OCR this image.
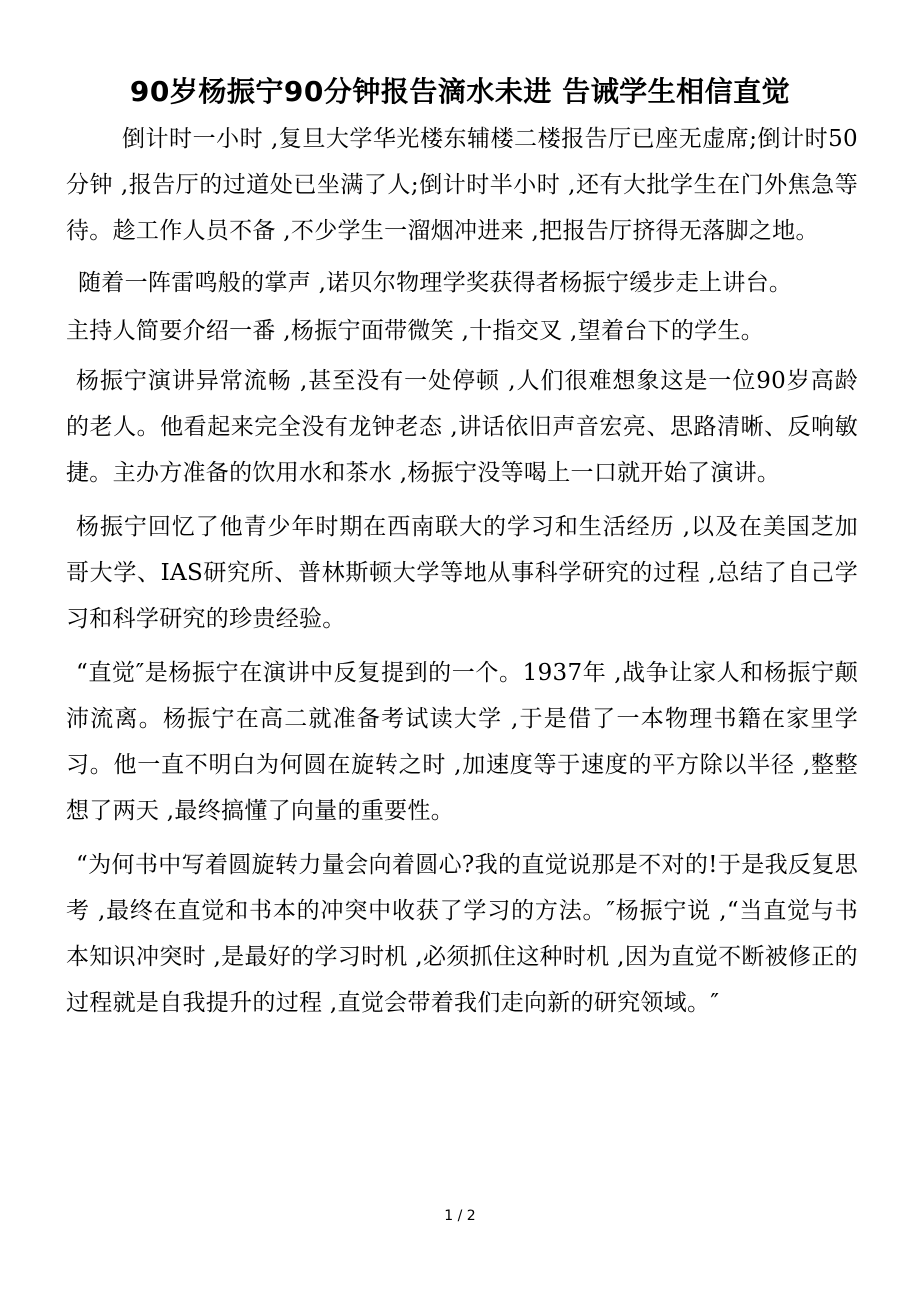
90岁杨振宁90分钟报告滴水未进 告诫学生相信直觉

倒计时一小时 ,复旦大学华光楼东辅楼二楼报告厅已座无虚席;倒计时50分钟 ,报告厅的过道处已坐满了人;倒计时半小时 ,还有大批学生在门外焦急等待。趁工作人员不备 ,不少学生一溜烟冲进来 ,把报告厅挤得无落脚之地。

随着一阵雷鸣般的掌声 ,诺贝尔物理学奖获得者杨振宁缓步走上讲台。

主持人简要介绍一番 ,杨振宁面带微笑 ,十指交叉 ,望着台下的学生。

杨振宁演讲异常流畅 ,甚至没有一处停顿 ,人们很难想象这是一位90岁高龄的老人。他看起来完全没有龙钟老态 ,讲话依旧声音宏亮、思路清晰、反响敏捷。主办方准备的饮用水和茶水 ,杨振宁没等喝上一口就开始了演讲。

杨振宁回忆了他青少年时期在西南联大的学习和生活经历 ,以及在美国芝加哥大学、IAS研究所、普林斯顿大学等地从事科学研究的过程 ,总结了自己学习和科学研究的珍贵经验。

“直觉″是杨振宁在演讲中反复提到的一个。1937年 ,战争让家人和杨振宁颠沛流离。杨振宁在高二就准备考试读大学 ,于是借了一本物理书籍在家里学习。他一直不明白为何圆在旋转之时 ,加速度等于速度的平方除以半径 ,整整想了两天 ,最终搞懂了向量的重要性。

“为何书中写着圆旋转力量会向着圆心?我的直觉说那是不对的!于是我反复思考 ,最终在直觉和书本的冲突中收获了学习的方法。″杨振宁说 ,“当直觉与书本知识冲突时 ,是最好的学习时机 ,必须抓住这种时机 ,因为直觉不断被修正的过程就是自我提升的过程 ,直觉会带着我们走向新的研究领域。″

1 / 2
